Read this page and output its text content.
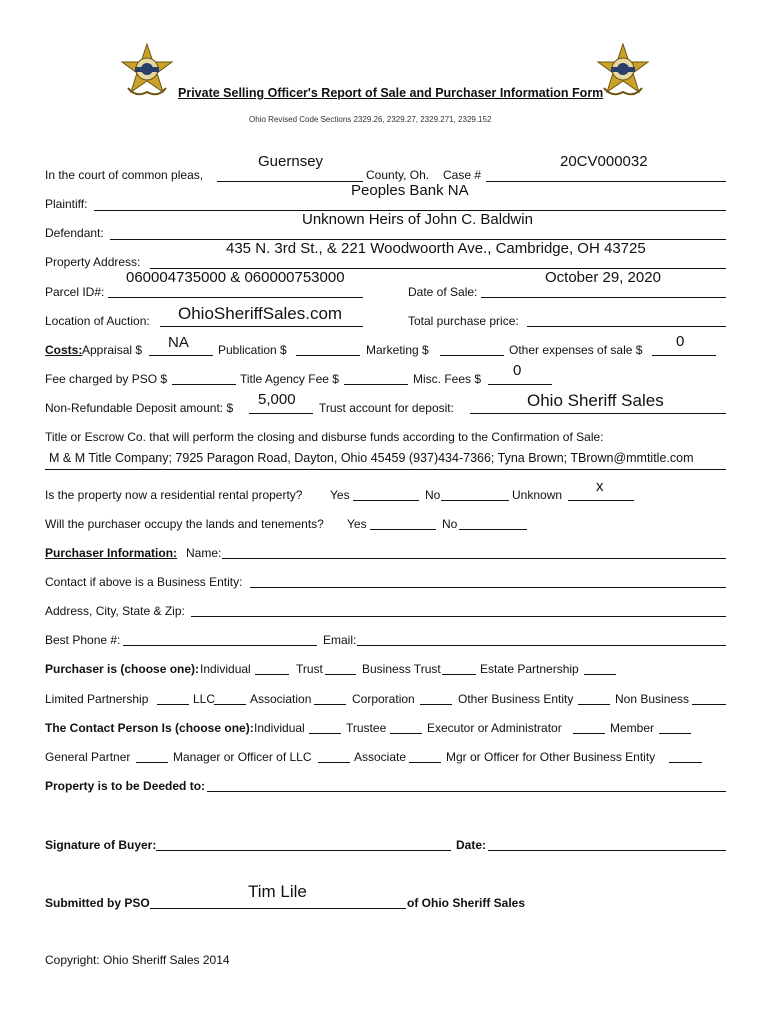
Private Selling Officer's Report of Sale and Purchaser Information Form
Ohio Revised Code Sections 2329.26, 2329.27, 2329.271, 2329.152
In the court of common pleas,
Guernsey
County, Oh. Case #
20CV000032
Plaintiff:
Peoples Bank NA
Defendant:
Unknown Heirs of John C. Baldwin
Property Address:
435 N. 3rd St., & 221 Woodwoorth Ave., Cambridge, OH 43725
Parcel ID#:
060004735000 & 060000753000
Date of Sale:
October 29, 2020
Location of Auction: OhioSheriffSales.com	Total purchase price:
Costs: Appraisal $ NA Publication $	Marketing $	Other expenses of sale $ 0
Fee charged by PSO $	Title Agency Fee $	Misc. Fees $ 0
Non-Refundable Deposit amount: $ 5,000 Trust account for deposit:	Ohio Sheriff Sales
Title or Escrow Co. that will perform the closing and disburse funds according to the Confirmation of Sale:
M & M Title Company; 7925 Paragon Road, Dayton, Ohio 45459 (937)434-7366; Tyna Brown; TBrown@mmtitle.com
Is the property now a residential rental property? Yes	No	Unknown x
Will the purchaser occupy the lands and tenements? Yes	No
Purchaser Information: Name:
Contact if above is a Business Entity:
Address, City, State & Zip:
Best Phone #:	Email:
Purchaser is (choose one): Individual	Trust	Business Trust	Estate Partnership
Limited Partnership	LLC	Association	Corporation	Other Business Entity	Non Business
The Contact Person Is (choose one): Individual	Trustee	Executor or Administrator	Member
General Partner	Manager or Officer of LLC	Associate	Mgr or Officer for Other Business Entity
Property is to be Deeded to:
Signature of Buyer:	Date:
Submitted by PSO
Tim Lile
of Ohio Sheriff Sales
Copyright: Ohio Sheriff Sales 2014
